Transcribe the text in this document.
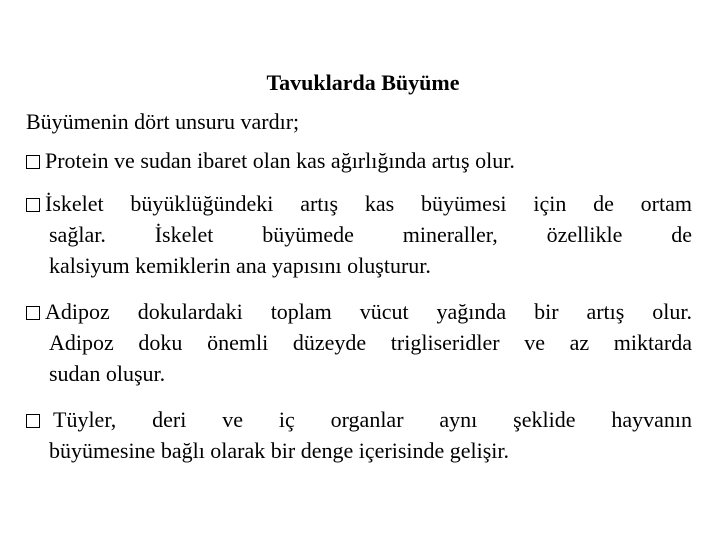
Tavuklarda Büyüme
Büyümenin dört unsuru vardır;
Protein ve sudan ibaret olan kas ağırlığında artış olur.
İskelet büyüklüğündeki artış kas büyümesi için de ortam
sağlar. İskelet büyümede mineraller, özellikle de
kalsiyum kemiklerin ana yapısını oluşturur.
Adipoz dokulardaki toplam vücut yağında bir artış olur.
Adipoz doku önemli düzeyde trigliseridler ve az miktarda
sudan oluşur.
Tüyler, deri ve iç organlar aynı şeklide hayvanın
büyümesine bağlı olarak bir denge içerisinde gelişir.
